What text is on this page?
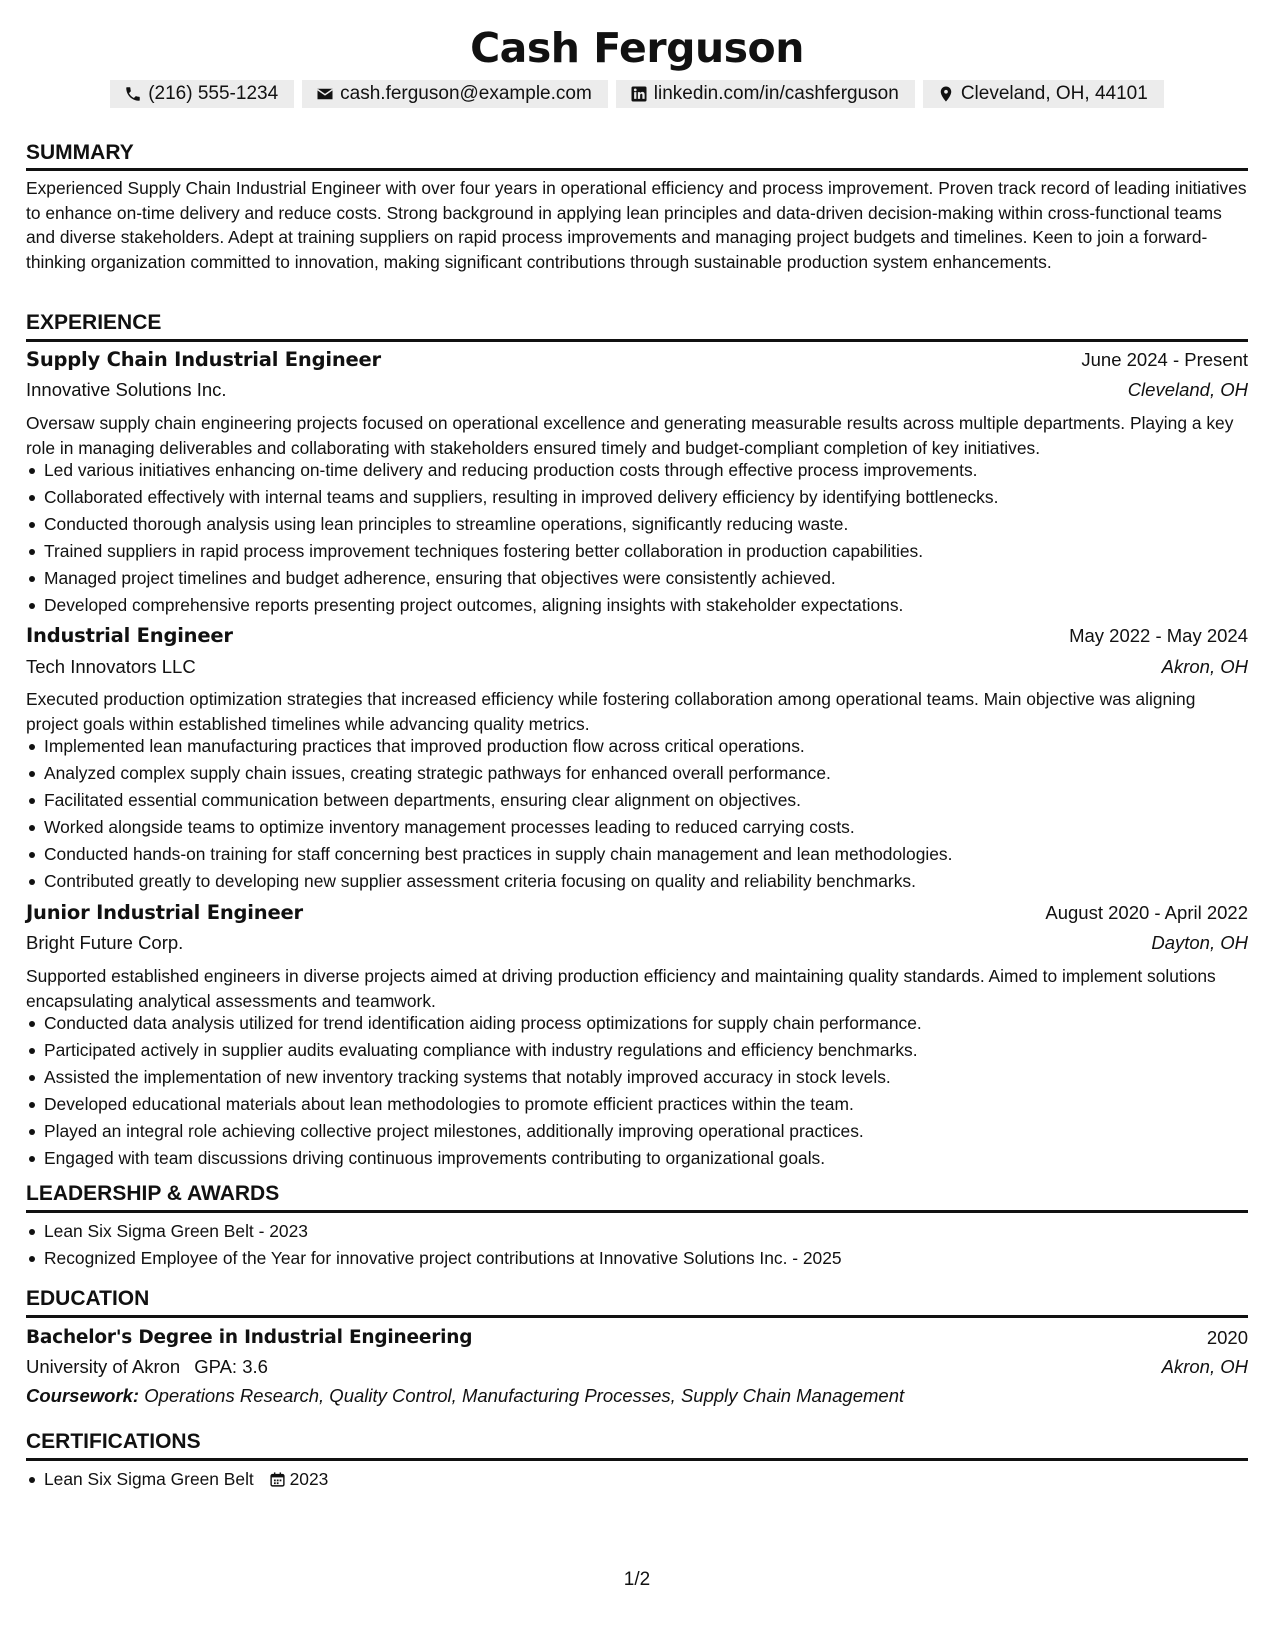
Cash Ferguson
(216) 555-1234	cash.ferguson@example.com	linkedin.com/in/cashferguson	Cleveland, OH, 44101
SUMMARY
Experienced Supply Chain Industrial Engineer with over four years in operational efficiency and process improvement. Proven track record of leading initiatives to enhance on-time delivery and reduce costs. Strong background in applying lean principles and data-driven decision-making within cross-functional teams and diverse stakeholders. Adept at training suppliers on rapid process improvements and managing project budgets and timelines. Keen to join a forward-thinking organization committed to innovation, making significant contributions through sustainable production system enhancements.
EXPERIENCE
Supply Chain Industrial Engineer	June 2024 - Present
Innovative Solutions Inc.	Cleveland, OH
Oversaw supply chain engineering projects focused on operational excellence and generating measurable results across multiple departments. Playing a key role in managing deliverables and collaborating with stakeholders ensured timely and budget-compliant completion of key initiatives.
Led various initiatives enhancing on-time delivery and reducing production costs through effective process improvements.
Collaborated effectively with internal teams and suppliers, resulting in improved delivery efficiency by identifying bottlenecks.
Conducted thorough analysis using lean principles to streamline operations, significantly reducing waste.
Trained suppliers in rapid process improvement techniques fostering better collaboration in production capabilities.
Managed project timelines and budget adherence, ensuring that objectives were consistently achieved.
Developed comprehensive reports presenting project outcomes, aligning insights with stakeholder expectations.
Industrial Engineer	May 2022 - May 2024
Tech Innovators LLC	Akron, OH
Executed production optimization strategies that increased efficiency while fostering collaboration among operational teams. Main objective was aligning project goals within established timelines while advancing quality metrics.
Implemented lean manufacturing practices that improved production flow across critical operations.
Analyzed complex supply chain issues, creating strategic pathways for enhanced overall performance.
Facilitated essential communication between departments, ensuring clear alignment on objectives.
Worked alongside teams to optimize inventory management processes leading to reduced carrying costs.
Conducted hands-on training for staff concerning best practices in supply chain management and lean methodologies.
Contributed greatly to developing new supplier assessment criteria focusing on quality and reliability benchmarks.
Junior Industrial Engineer	August 2020 - April 2022
Bright Future Corp.	Dayton, OH
Supported established engineers in diverse projects aimed at driving production efficiency and maintaining quality standards. Aimed to implement solutions encapsulating analytical assessments and teamwork.
Conducted data analysis utilized for trend identification aiding process optimizations for supply chain performance.
Participated actively in supplier audits evaluating compliance with industry regulations and efficiency benchmarks.
Assisted the implementation of new inventory tracking systems that notably improved accuracy in stock levels.
Developed educational materials about lean methodologies to promote efficient practices within the team.
Played an integral role achieving collective project milestones, additionally improving operational practices.
Engaged with team discussions driving continuous improvements contributing to organizational goals.
LEADERSHIP & AWARDS
Lean Six Sigma Green Belt - 2023
Recognized Employee of the Year for innovative project contributions at Innovative Solutions Inc. - 2025
EDUCATION
Bachelor's Degree in Industrial Engineering	2020
University of Akron GPA: 3.6	Akron, OH
Coursework: Operations Research, Quality Control, Manufacturing Processes, Supply Chain Management
CERTIFICATIONS
Lean Six Sigma Green Belt 2023
1/2
